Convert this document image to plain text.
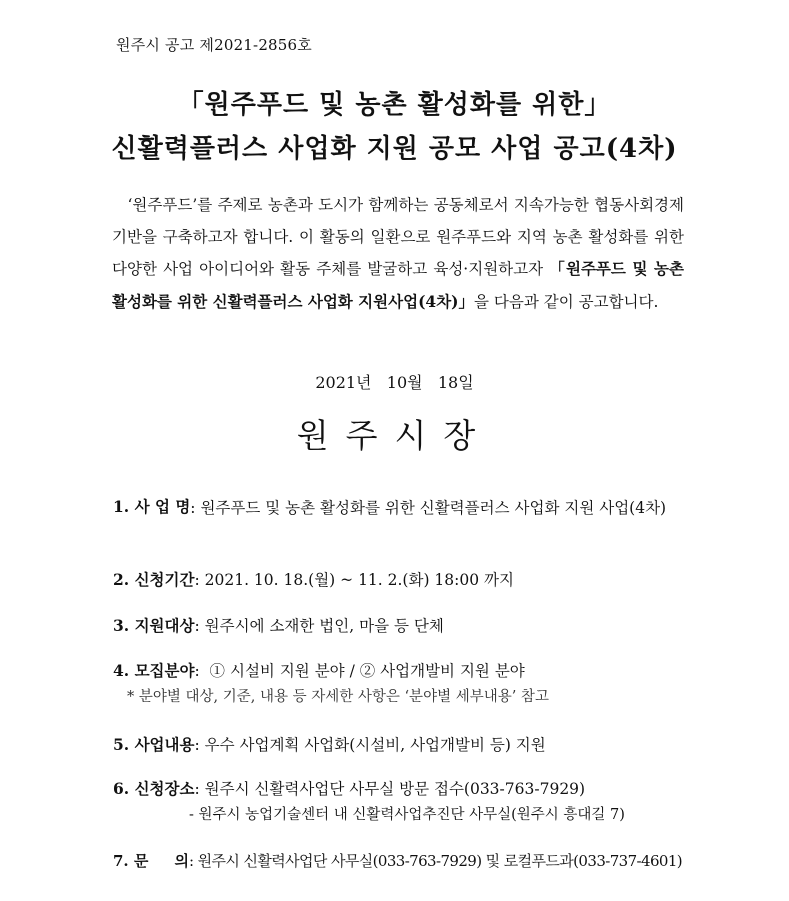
원주시 공고 제2021-2856호
「원주푸드 및 농촌 활성화를 위한」
신활력플러스 사업화 지원 공모 사업 공고(4차)
 ‘원주푸드’를 주제로 농촌과 도시가 함께하는 공동체로서 지속가능한 협동사회경제 기반을 구축하고자 합니다. 이 활동의 일환으로 원주푸드와 지역 농촌 활성화를 위한 다양한 사업 아이디어와 활동 주체를 발굴하고 육성·지원하고자 「원주푸드 및 농촌 활성화를 위한 신활력플러스 사업화 지원사업(4차)」을 다음과 같이 공고합니다.
2021년   10월   18일
원주시장
1. 사 업 명 : 원주푸드 및 농촌 활성화를 위한 신활력플러스 사업화 지원 사업(4차)
2. 신청기간: 2021. 10. 18.(월) ~ 11. 2.(화) 18:00 까지
3. 지원대상: 원주시에 소재한 법인, 마을 등 단체
4. 모집분야:  ① 시설비 지원 분야 / ② 사업개발비 지원 분야
* 분야별 대상, 기준, 내용 등 자세한 사항은 ‘분야별 세부내용’ 참고
5. 사업내용: 우수 사업계획 사업화(시설비, 사업개발비 등) 지원
6. 신청장소: 원주시 신활력사업단 사무실 방문 접수(033-763-7929)
- 원주시 농업기술센터 내 신활력사업추진단 사무실(원주시 흥대길 7)
7. 문     의: 원주시 신활력사업단 사무실(033-763-7929) 및 로컬푸드과(033-737-4601)
